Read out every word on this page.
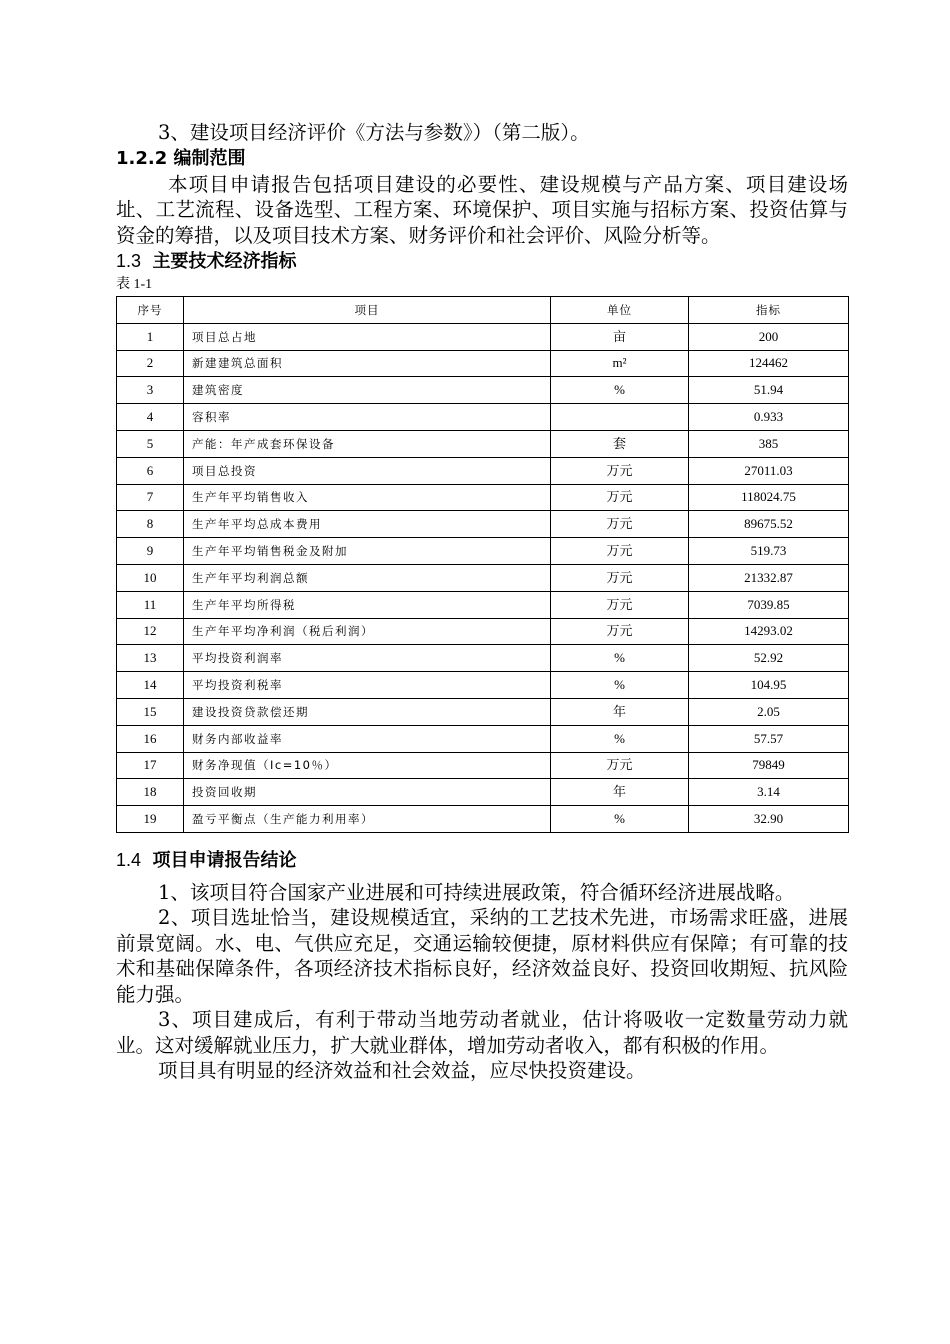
3、建设项目经济评价《方法与参数》）（第二版）。

1.2.2 编制范围

本项目申请报告包括项目建设的必要性、建设规模与产品方案、项目建设场址、工艺流程、设备选型、工程方案、环境保护、项目实施与招标方案、投资估算与资金的筹措，以及项目技术方案、财务评价和社会评价、风险分析等。

1.3 主要技术经济指标

表 1-1

序号	项目	单位	指标
1	项目总占地	亩	200
2	新建建筑总面积	m²	124462
3	建筑密度	%	51.94
4	容积率		0.933
5	产能：年产成套环保设备	套	385
6	项目总投资	万元	27011.03
7	生产年平均销售收入	万元	118024.75
8	生产年平均总成本费用	万元	89675.52
9	生产年平均销售税金及附加	万元	519.73
10	生产年平均利润总额	万元	21332.87
11	生产年平均所得税	万元	7039.85
12	生产年平均净利润（税后利润）	万元	14293.02
13	平均投资利润率	%	52.92
14	平均投资利税率	%	104.95
15	建设投资贷款偿还期	年	2.05
16	财务内部收益率	%	57.57
17	财务净现值（Ic=10％）	万元	79849
18	投资回收期	年	3.14
19	盈亏平衡点（生产能力利用率）	%	32.90

1.4 项目申请报告结论

1、该项目符合国家产业进展和可持续进展政策，符合循环经济进展战略。

2、项目选址恰当，建设规模适宜，采纳的工艺技术先进，市场需求旺盛，进展前景宽阔。水、电、气供应充足，交通运输较便捷，原材料供应有保障；有可靠的技术和基础保障条件，各项经济技术指标良好，经济效益良好、投资回收期短、抗风险能力强。

3、项目建成后，有利于带动当地劳动者就业，估计将吸收一定数量劳动力就业。这对缓解就业压力，扩大就业群体，增加劳动者收入，都有积极的作用。

项目具有明显的经济效益和社会效益，应尽快投资建设。
